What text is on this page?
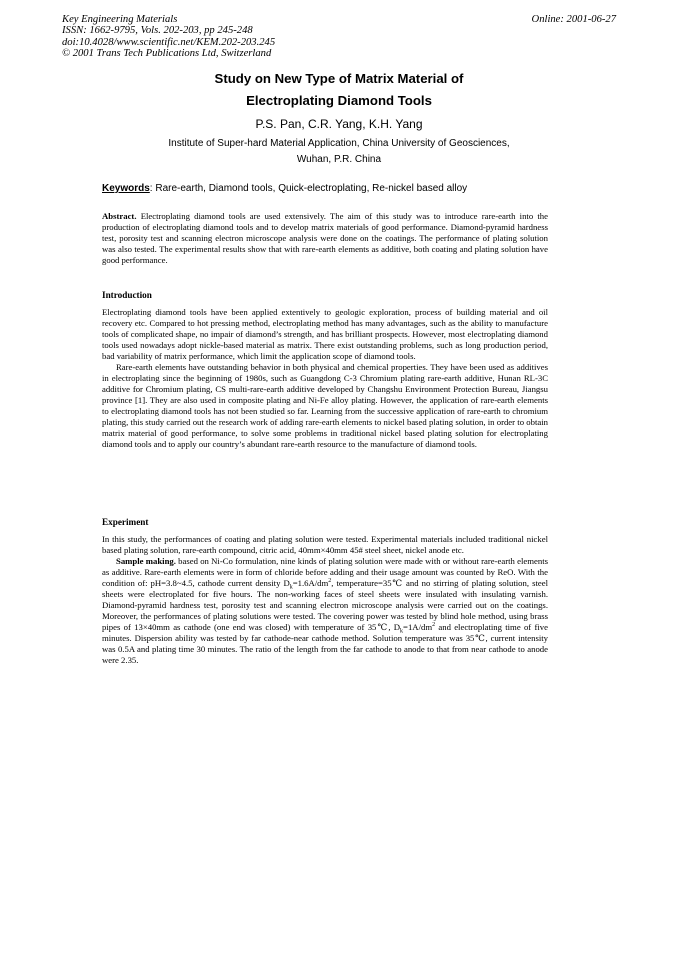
Key Engineering Materials
ISSN: 1662-9795, Vols. 202-203, pp 245-248
doi:10.4028/www.scientific.net/KEM.202-203.245
© 2001 Trans Tech Publications Ltd, Switzerland
Online: 2001-06-27
Study on New Type of Matrix Material of
Electroplating Diamond Tools
P.S. Pan, C.R. Yang, K.H. Yang
Institute of Super-hard Material Application, China University of Geosciences,
Wuhan, P.R. China
Keywords: Rare-earth, Diamond tools, Quick-electroplating, Re-nickel based alloy

Abstract. Electroplating diamond tools are used extensively. The aim of this study was to introduce rare-earth into the production of electroplating diamond tools and to develop matrix materials of good performance. Diamond-pyramid hardness test, porosity test and scanning electron microscope analysis were done on the coatings. The performance of plating solution was also tested. The experimental results show that with rare-earth elements as additive, both coating and plating solution have good performance.

Introduction

Electroplating diamond tools have been applied extentively to geologic exploration, process of building material and oil recovery etc. Compared to hot pressing method, electroplating method has many advantages, such as the ability to manufacture tools of complicated shape, no impair of diamond’s strength, and has brilliant prospects. However, most electroplating diamond tools used nowadays adopt nickle-based material as matrix. There exist outstanding problems, such as long production period, bad variability of matrix performance, which limit the application scope of diamond tools.

Rare-earth elements have outstanding behavior in both physical and chemical properties. They have been used as additives in electroplating since the beginning of 1980s, such as Guangdong C-3 Chromium plating rare-earth additive, Hunan RL-3C additive for Chromium plating, CS multi-rare-earth additive developed by Changshu Environment Protection Bureau, Jiangsu province [1]. They are also used in composite plating and Ni-Fe alloy plating. However, the application of rare-earth elements to electroplating diamond tools has not been studied so far. Learning from the successive application of rare-earth to chromium plating, this study carried out the research work of adding rare-earth elements to nickel based plating solution, in order to obtain matrix material of good performance, to solve some problems in traditional nickel based plating solution for electroplating diamond tools and to apply our country’s abundant rare-earth resource to the manufacture of diamond tools.

Experiment

In this study, the performances of coating and plating solution were tested. Experimental materials included traditional nickel based plating solution, rare-earth compound, citric acid, 40mm×40mm 45# steel sheet, nickel anode etc.

Sample making. based on Ni-Co formulation, nine kinds of plating solution were made with or without rare-earth elements as additive. Rare-earth elements were in form of chloride before adding and their usage amount was counted by ReO. With the condition of: pH=3.8~4.5, cathode current density $D_k=1.6A/dm^2$, temperature=35℃ and no stirring of plating solution, steel sheets were electroplated for five hours. The non-working faces of steel sheets were insulated with insulating varnish. Diamond-pyramid hardness test, porosity test and scanning electron microscope analysis were carried out on the coatings. Moreover, the performances of plating solutions were tested. The covering power was tested by blind hole method, using brass pipes of 13×40mm as cathode (one end was closed) with temperature of 35℃, $D_k=1A/dm^2$ and electroplating time of five minutes. Dispersion ability was tested by far cathode-near cathode method. Solution temperature was 35℃, current intensity was 0.5A and plating time 30 minutes. The ratio of the length from the far cathode to anode to that from near cathode to anode were 2.35.
